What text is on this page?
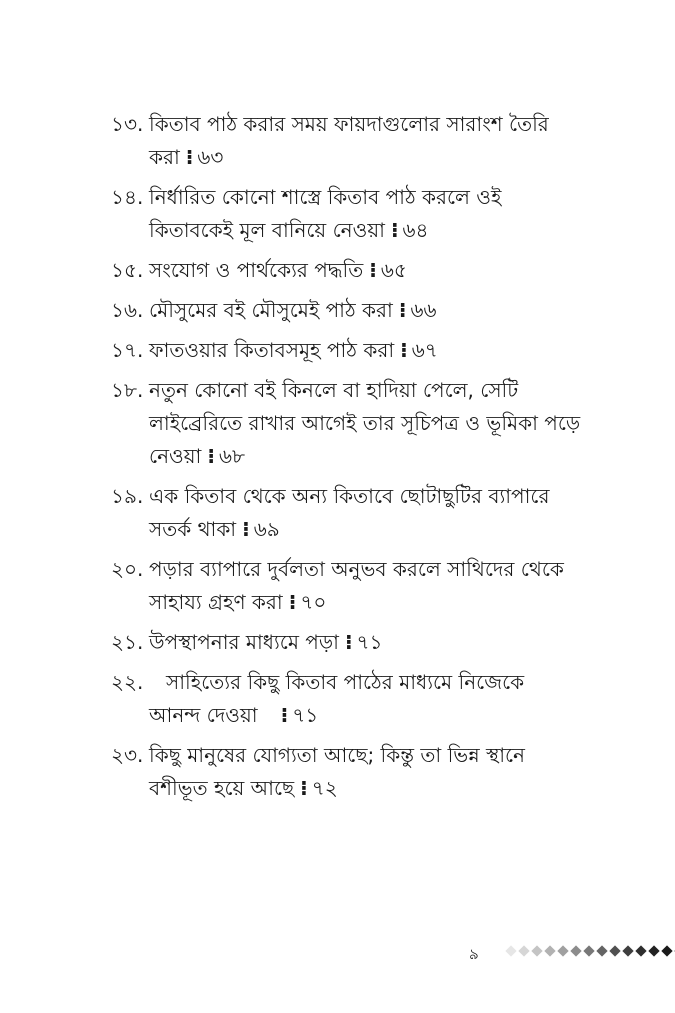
১৩. কিতাব পাঠ করার সময় ফায়দাগুলোর সারাংশ তৈরি করা ⁝ ৬৩
১৪. নির্ধারিত কোনো শাস্ত্রে কিতাব পাঠ করলে ওই কিতাবকেই মূল বানিয়ে নেওয়া ⁝ ৬৪
১৫. সংযোগ ও পার্থক্যের পদ্ধতি ⁝ ৬৫
১৬. মৌসুমের বই মৌসুমেই পাঠ করা ⁝ ৬৬
১৭. ফাতওয়ার কিতাবসমূহ পাঠ করা ⁝ ৬৭
১৮. নতুন কোনো বই কিনলে বা হাদিয়া পেলে, সেটি লাইব্রেরিতে রাখার আগেই তার সূচিপত্র ও ভূমিকা পড়ে নেওয়া ⁝ ৬৮
১৯. এক কিতাব থেকে অন্য কিতাবে ছোটাছুটির ব্যাপারে সতর্ক থাকা ⁝ ৬৯
২০. পড়ার ব্যাপারে দুর্বলতা অনুভব করলে সাথিদের থেকে সাহায্য গ্রহণ করা ⁝ ৭০
২১. উপস্থাপনার মাধ্যমে পড়া ⁝ ৭১
২২.	সাহিত্যের কিছু কিতাব পাঠের মাধ্যমে নিজেকে আনন্দ দেওয়া ⁝ ৭১
২৩. কিছু মানুষের যোগ্যতা আছে; কিন্তু তা ভিন্ন স্থানে বশীভূত হয়ে আছে ⁝ ৭২
৯
